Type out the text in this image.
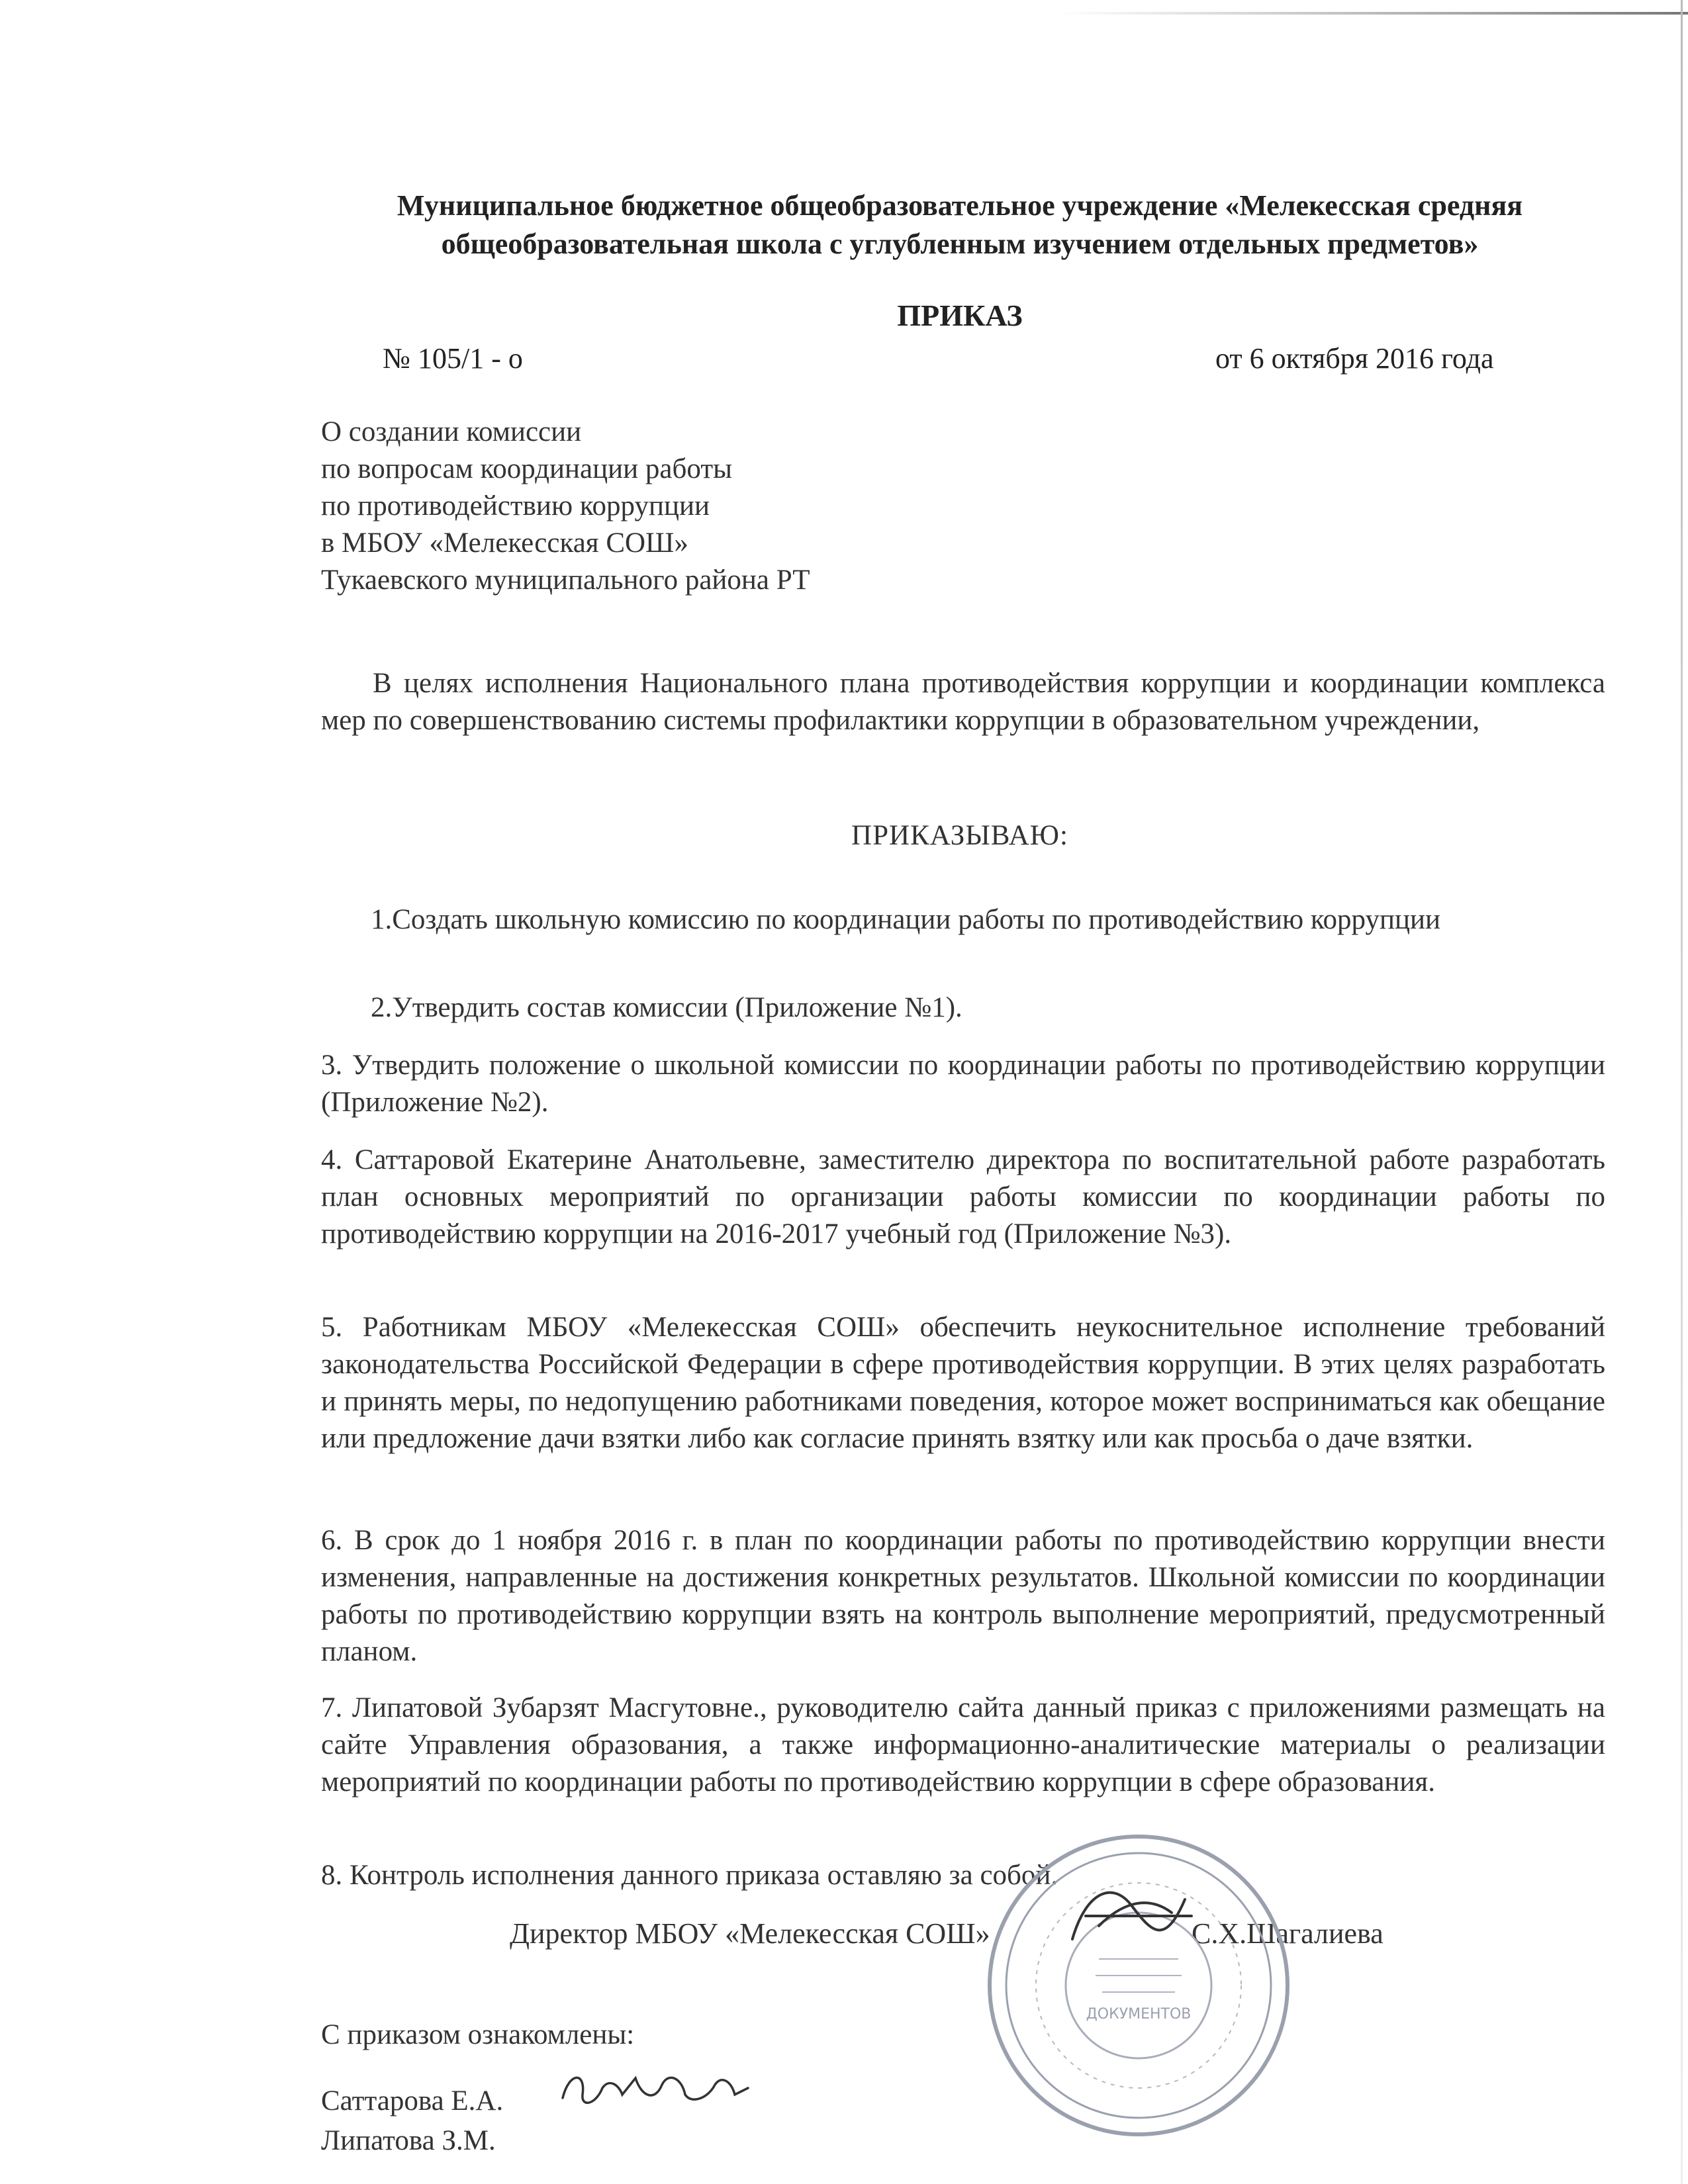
Муниципальное бюджетное общеобразовательное учреждение «Мелекесская средняя
общеобразовательная школа с углубленным изучением отдельных предметов»
ПРИКАЗ
№ 105/1 - о	от 6 октября 2016 года
О создании комиссии
по вопросам координации работы
по противодействию коррупции
в МБОУ «Мелекесская СОШ»
Тукаевского муниципального района РТ
В целях исполнения Национального плана противодействия коррупции и координации комплекса мер по совершенствованию системы профилактики коррупции в образовательном учреждении,
ПРИКАЗЫВАЮ:
1.Создать школьную комиссию по координации работы по противодействию коррупции
2.Утвердить состав комиссии (Приложение №1).
3. Утвердить положение о школьной комиссии по координации работы по противодействию коррупции (Приложение №2).
4. Саттаровой Екатерине Анатольевне, заместителю директора по воспитательной работе разработать план основных мероприятий по организации работы комиссии по координации работы по противодействию коррупции на 2016-2017 учебный год (Приложение №3).
5. Работникам МБОУ «Мелекесская СОШ» обеспечить неукоснительное исполнение требований законодательства Российской Федерации в сфере противодействия коррупции. В этих целях разработать и принять меры, по недопущению работниками поведения, которое может восприниматься как обещание или предложение дачи взятки либо как согласие принять взятку или как просьба о даче взятки.
6. В срок до 1 ноября 2016 г. в план по координации работы по противодействию коррупции внести изменения, направленные на достижения конкретных результатов. Школьной комиссии по координации работы по противодействию коррупции взять на контроль выполнение мероприятий, предусмотренный планом.
7. Липатовой Зубарзят Масгутовне., руководителю сайта данный приказ с приложениями размещать на сайте Управления образования, а также информационно-аналитические материалы о реализации мероприятий по координации работы по противодействию коррупции в сфере образования.
8. Контроль исполнения данного приказа оставляю за собой.
Директор МБОУ «Мелекесская СОШ»	С.Х.Шагалиева
ДОКУМЕНТОВ
С приказом ознакомлены:
Саттарова Е.А.
Липатова З.М.
